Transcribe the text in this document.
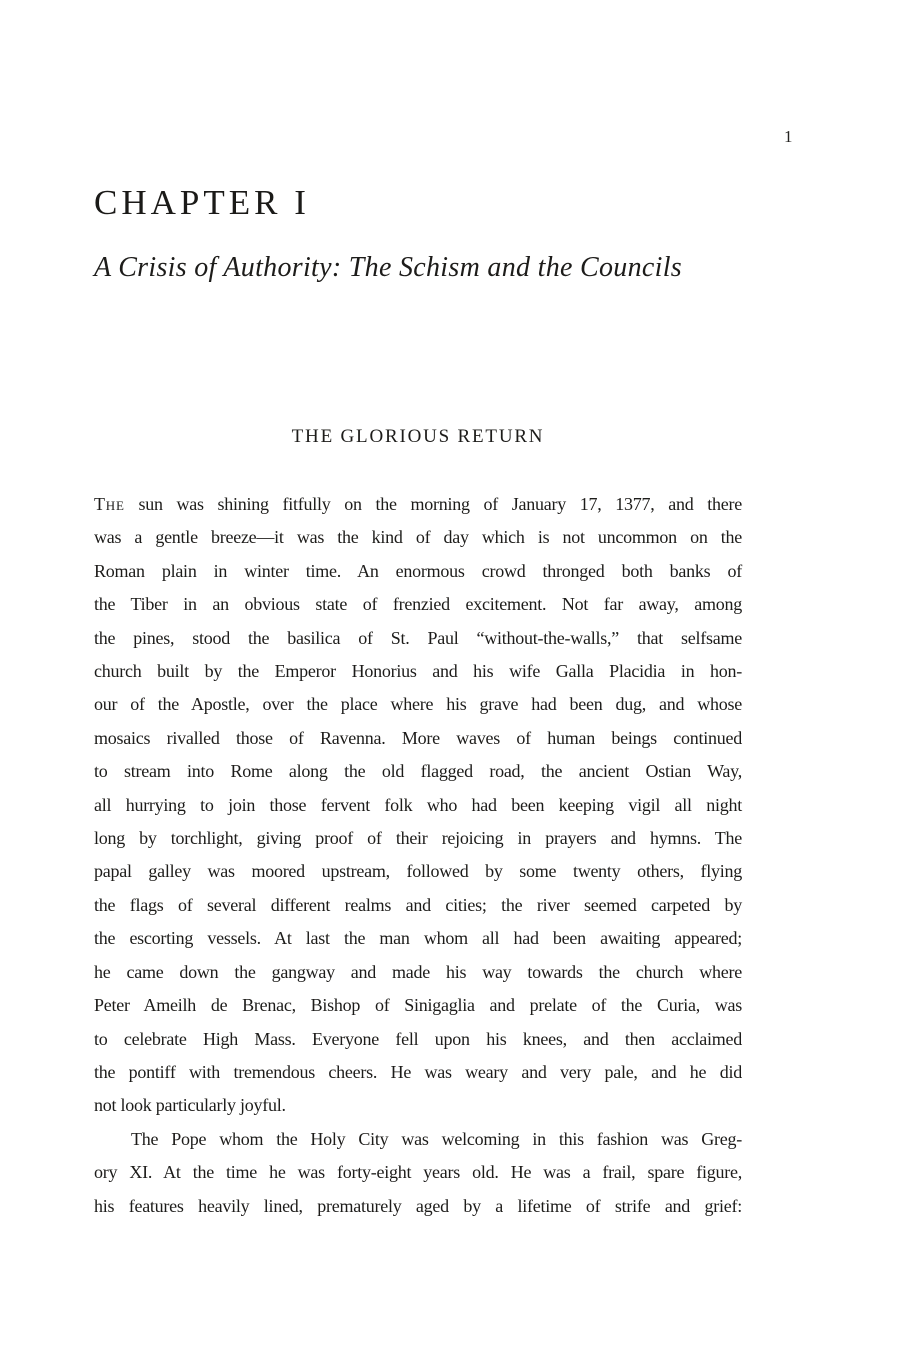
1
CHAPTER I
A Crisis of Authority: The Schism and the Councils
THE GLORIOUS RETURN
The sun was shining fitfully on the morning of January 17, 1377, and there
was a gentle breeze—it was the kind of day which is not uncommon on the
Roman plain in winter time. An enormous crowd thronged both banks of
the Tiber in an obvious state of frenzied excitement. Not far away, among
the pines, stood the basilica of St. Paul “without-the-walls,” that selfsame
church built by the Emperor Honorius and his wife Galla Placidia in hon-
our of the Apostle, over the place where his grave had been dug, and whose
mosaics rivalled those of Ravenna. More waves of human beings continued
to stream into Rome along the old flagged road, the ancient Ostian Way,
all hurrying to join those fervent folk who had been keeping vigil all night
long by torchlight, giving proof of their rejoicing in prayers and hymns. The
papal galley was moored upstream, followed by some twenty others, flying
the flags of several different realms and cities; the river seemed carpeted by
the escorting vessels. At last the man whom all had been awaiting appeared;
he came down the gangway and made his way towards the church where
Peter Ameilh de Brenac, Bishop of Sinigaglia and prelate of the Curia, was
to celebrate High Mass. Everyone fell upon his knees, and then acclaimed
the pontiff with tremendous cheers. He was weary and very pale, and he did
not look particularly joyful.
The Pope whom the Holy City was welcoming in this fashion was Greg-
ory XI. At the time he was forty-eight years old. He was a frail, spare figure,
his features heavily lined, prematurely aged by a lifetime of strife and grief:
